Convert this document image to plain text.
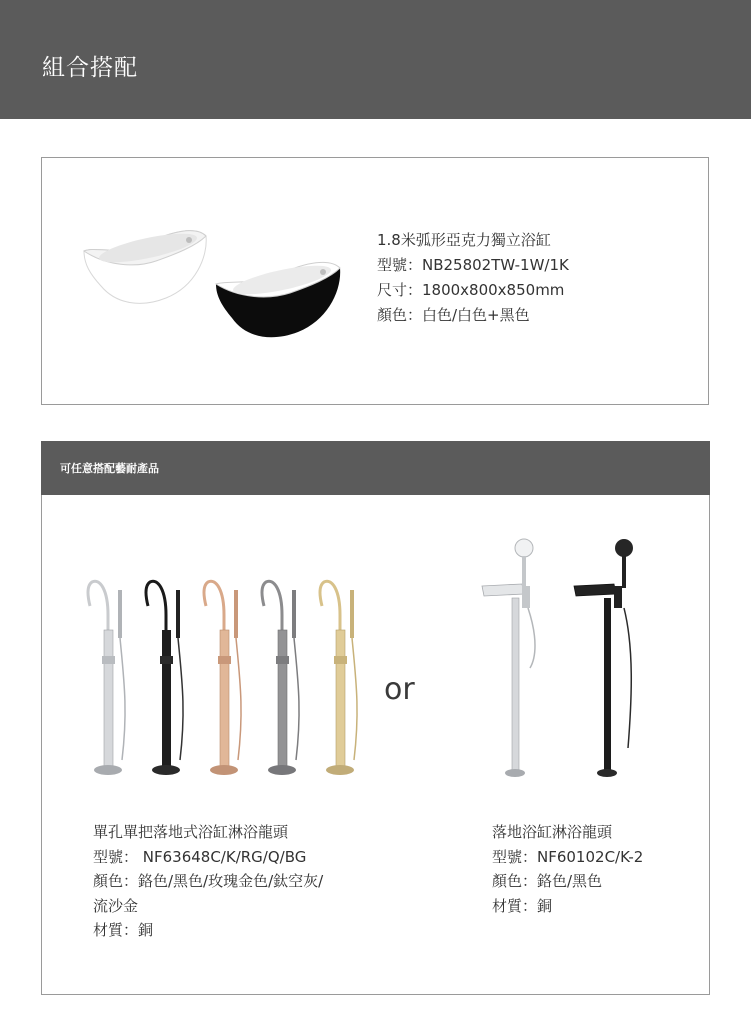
組合搭配
1.8米弧形亞克力獨立浴缸
型號：NB25802TW-1W/1K
尺寸：1800x800x850mm
顏色：白色/白色+黑色
可任意搭配藝耐產品
or
單孔單把落地式浴缸淋浴龍頭
型號： NF63648C/K/RG/Q/BG
顏色：鉻色/黑色/玫瑰金色/鈦空灰/
流沙金
材質：銅
落地浴缸淋浴龍頭
型號：NF60102C/K-2
顏色：鉻色/黑色
材質：銅
